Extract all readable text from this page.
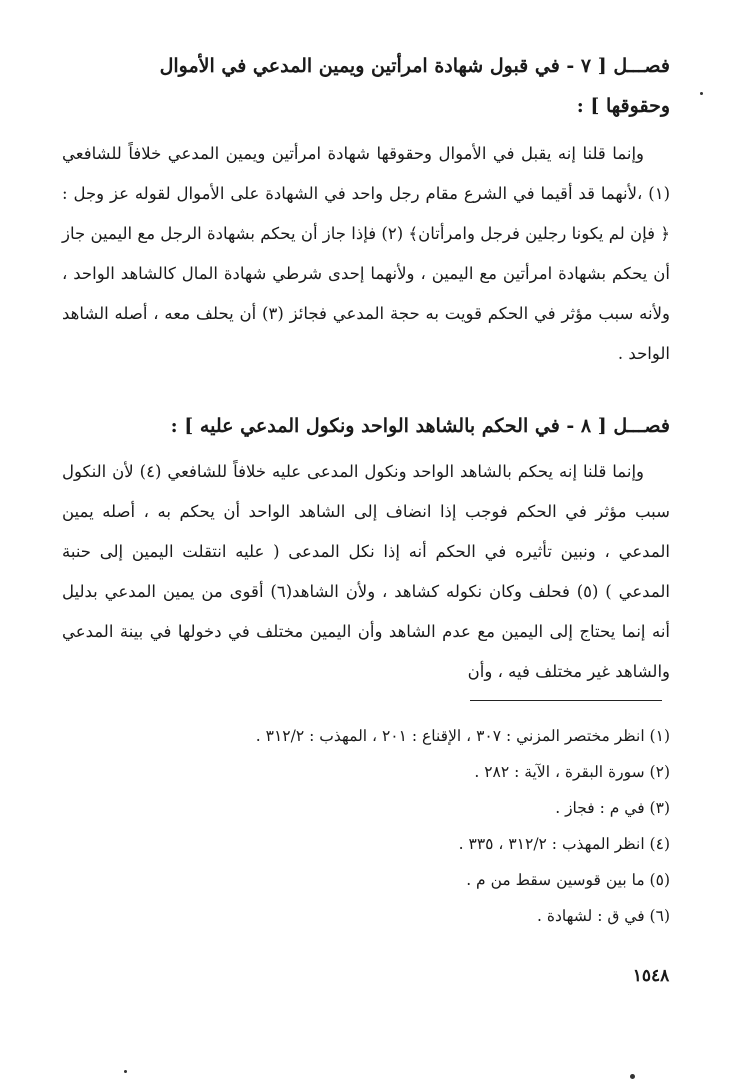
فصـــل [ ٧ - في قبول شهادة امرأتين ويمين المدعي في الأموال
وحقوقها ] :
وإنما قلنا إنه يقبل في الأموال وحقوقها شهادة امرأتين ويمين المدعي خلافاً للشافعي (١) ،لأنهما قد أقيما في الشرع مقام رجل واحد في الشهادة على الأموال لقوله عز وجل : ﴿ فإن لم يكونا رجلين فرجل وامرأتان﴾ (٢) فإذا جاز أن يحكم بشهادة الرجل مع اليمين جاز أن يحكم بشهادة امرأتين مع اليمين ، ولأنهما إحدى شرطي شهادة المال كالشاهد الواحد ، ولأنه سبب مؤثر في الحكم قويت به حجة المدعي فجائز (٣) أن يحلف معه ، أصله الشاهد الواحد .
فصـــل [ ٨ - في الحكم بالشاهد الواحد ونكول المدعي عليه ] :
وإنما قلنا إنه يحكم بالشاهد الواحد ونكول المدعى عليه خلافاً للشافعي (٤) لأن النكول سبب مؤثر في الحكم فوجب إذا انضاف إلى الشاهد الواحد أن يحكم به ، أصله يمين المدعي ، ونبين تأثيره في الحكم أنه إذا نكل المدعى ( عليه انتقلت اليمين إلى حنبة المدعي ) (٥) فحلف وكان نكوله كشاهد ، ولأن الشاهد(٦) أقوى من يمين المدعي بدليل أنه إنما يحتاج إلى اليمين مع عدم الشاهد وأن اليمين مختلف في دخولها في بينة المدعي والشاهد غير مختلف فيه ، وأن
(١) انظر مختصر المزني : ٣٠٧ ، الإقناع : ٢٠١ ، المهذب : ٣١٢/٢ .
(٢) سورة البقرة ، الآية : ٢٨٢ .
(٣) في م : فجاز .
(٤) انظر المهذب : ٣١٢/٢ ، ٣٣٥ .
(٥) ما بين قوسين سقط من م .
(٦) في ق : لشهادة .
١٥٤٨
